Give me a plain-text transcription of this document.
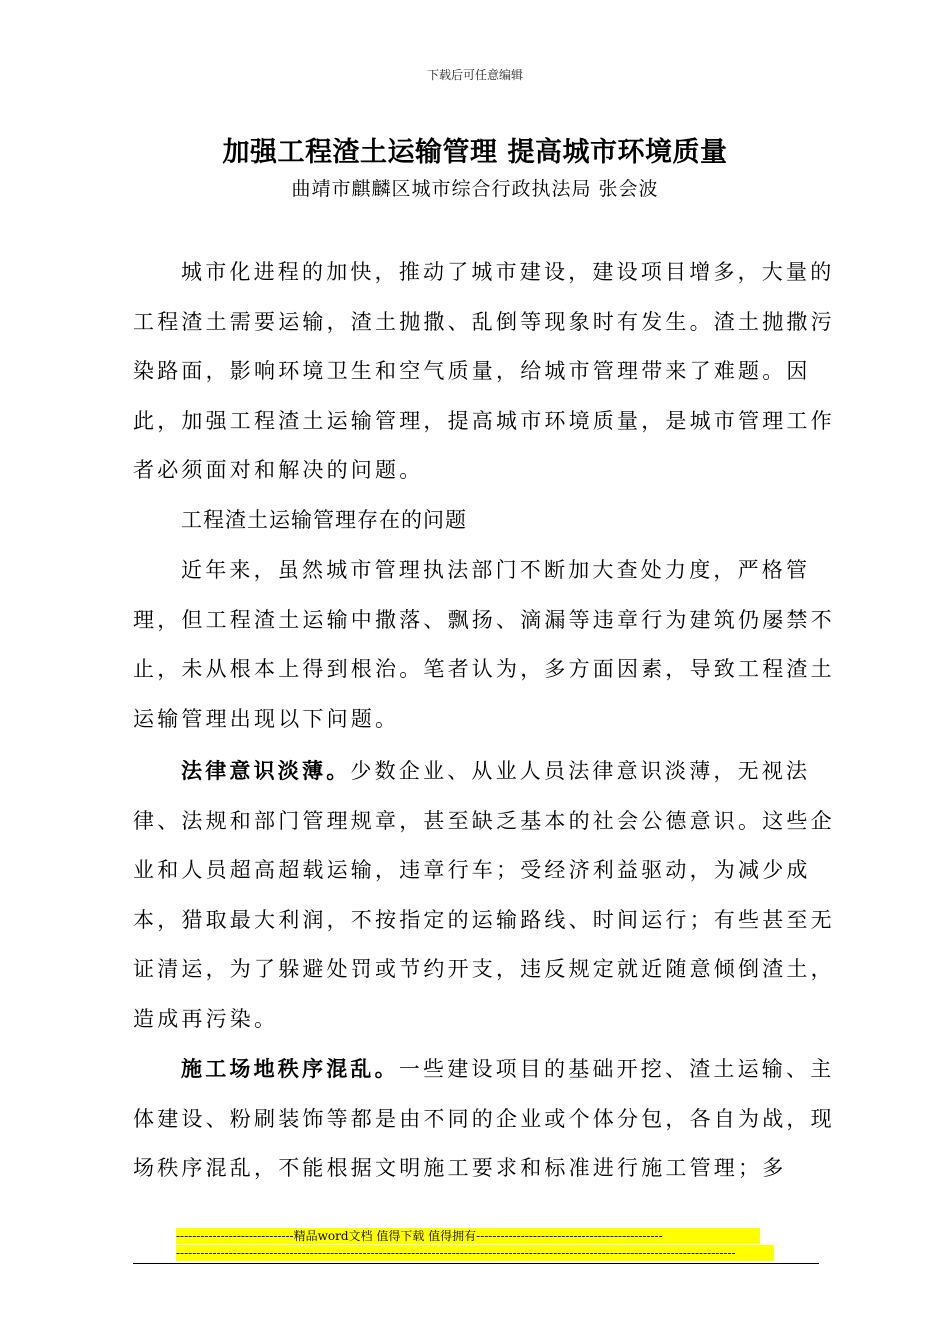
下载后可任意编辑
加强工程渣土运输管理 提高城市环境质量
曲靖市麒麟区城市综合行政执法局 张会波

城市化进程的加快，推动了城市建设，建设项目增多，大量的工程渣土需要运输，渣土抛撒、乱倒等现象时有发生。渣土抛撒污染路面，影响环境卫生和空气质量，给城市管理带来了难题。因此，加强工程渣土运输管理，提高城市环境质量，是城市管理工作者必须面对和解决的问题。

工程渣土运输管理存在的问题

近年来，虽然城市管理执法部门不断加大查处力度，严格管理，但工程渣土运输中撒落、飘扬、滴漏等违章行为建筑仍屡禁不止，未从根本上得到根治。笔者认为，多方面因素，导致工程渣土运输管理出现以下问题。

法律意识淡薄。少数企业、从业人员法律意识淡薄，无视法律、法规和部门管理规章，甚至缺乏基本的社会公德意识。这些企业和人员超高超载运输，违章行车；受经济利益驱动，为减少成本，猎取最大利润，不按指定的运输路线、时间运行；有些甚至无证清运，为了躲避处罚或节约开支，违反规定就近随意倾倒渣土，造成再污染。

施工场地秩序混乱。一些建设项目的基础开挖、渣土运输、主体建设、粉刷装饰等都是由不同的企业或个体分包，各自为战，现场秩序混乱，不能根据文明施工要求和标准进行施工管理；多

-----------------------------精品word文档 值得下载 值得拥有----------------------------------------------
------------------------------------------------------------------------------------------------------------------------------------------
